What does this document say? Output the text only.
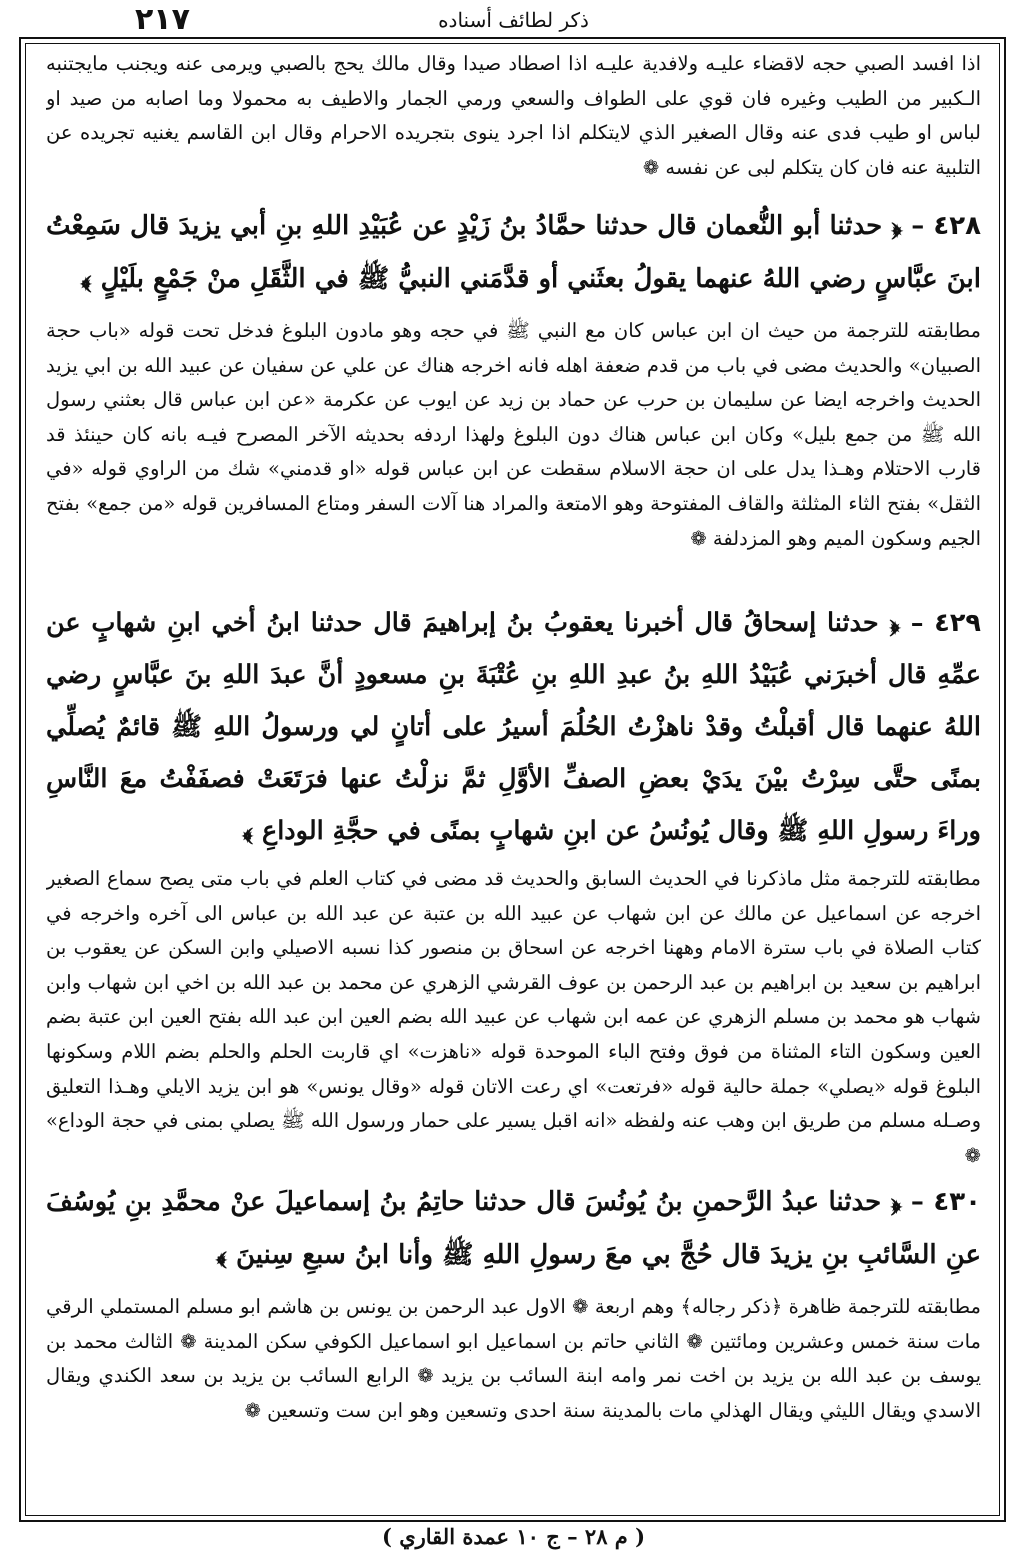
٢١٧	ذكر لطائف أسناده
اذا افسد الصبي حجه لاقضاء عليـه ولافدية عليـه اذا اصطاد صيدا وقال مالك يحج بالصبي ويرمى عنه ويجنب مايجتنبه الـكبير من الطيب وغيره فان قوي على الطواف والسعي ورمي الجمار والاطيف به محمولا وما اصابه من صيد او لباس او طيب فدى عنه وقال الصغير الذي لايتكلم اذا اجرد ينوى بتجريده الاحرام وقال ابن القاسم يغنيه تجريده عن التلبية عنه فان كان يتكلم لبى عن نفسه ❁
٤٢٨ – ﴿ حدثنا أبو النُّعمان قال حدثنا حمَّادُ بنُ زَيْدٍ عن عُبَيْدِ اللهِ بنِ أبي يزيدَ قال سَمِعْتُ ابنَ عبَّاسٍ رضي اللهُ عنهما يقولُ بعثَني أو قدَّمَني النبيُّ ﷺ في الثَّقَلِ منْ جَمْعٍ بلَيْلٍ ﴾
مطابقته للترجمة من حيث ان ابن عباس كان مع النبي ﷺ في حجه وهو مادون البلوغ فدخل تحت قوله «باب حجة الصبيان» والحديث مضى في باب من قدم ضعفة اهله فانه اخرجه هناك عن علي عن سفيان عن عبيد الله بن ابي يزيد الحديث واخرجه ايضا عن سليمان بن حرب عن حماد بن زيد عن ايوب عن عكرمة «عن ابن عباس قال بعثني رسول الله ﷺ من جمع بليل» وكان ابن عباس هناك دون البلوغ ولهذا اردفه بحديثه الآخر المصرح فيـه بانه كان حينئذ قد قارب الاحتلام وهـذا يدل على ان حجة الاسلام سقطت عن ابن عباس قوله «او قدمني» شك من الراوي قوله «في الثقل» بفتح الثاء المثلثة والقاف المفتوحة وهو الامتعة والمراد هنا آلات السفر ومتاع المسافرين قوله «من جمع» بفتح الجيم وسكون الميم وهو المزدلفة ❁
٤٢٩ – ﴿ حدثنا إسحاقُ قال أخبرنا يعقوبُ بنُ إبراهيمَ قال حدثنا ابنُ أخي ابنِ شهابٍ عن عمِّهِ قال أخبرَني عُبَيْدُ اللهِ بنُ عبدِ اللهِ بنِ عُتْبَةَ بنِ مسعودٍ أنَّ عبدَ اللهِ بنَ عبَّاسٍ رضي اللهُ عنهما قال أقبلْتُ وقدْ ناهزْتُ الحُلُمَ أسيرُ على أتانٍ لي ورسولُ اللهِ ﷺ قائمٌ يُصلِّي بمنًى حتَّى سِرْتُ بيْنَ يدَيْ بعضِ الصفِّ الأوَّلِ ثمَّ نزلْتُ عنها فرَتَعَتْ فصفَفْتُ معَ النَّاسِ وراءَ رسولِ اللهِ ﷺ وقال يُونُسُ عن ابنِ شهابٍ بمنًى في حجَّةِ الوداعِ ﴾
مطابقته للترجمة مثل ماذكرنا في الحديث السابق والحديث قد مضى في كتاب العلم في باب متى يصح سماع الصغير اخرجه عن اسماعيل عن مالك عن ابن شهاب عن عبيد الله بن عتبة عن عبد الله بن عباس الى آخره واخرجه في كتاب الصلاة في باب سترة الامام وههنا اخرجه عن اسحاق بن منصور كذا نسبه الاصيلي وابن السكن عن يعقوب بن ابراهيم بن سعيد بن ابراهيم بن عبد الرحمن بن عوف القرشي الزهري عن محمد بن عبد الله بن اخي ابن شهاب وابن شهاب هو محمد بن مسلم الزهري عن عمه ابن شهاب عن عبيد الله بضم العين ابن عبد الله بفتح العين ابن عتبة بضم العين وسكون التاء المثناة من فوق وفتح الباء الموحدة قوله «ناهزت» اي قاربت الحلم والحلم بضم اللام وسكونها البلوغ قوله «يصلي» جملة حالية قوله «فرتعت» اي رعت الاتان قوله «وقال يونس» هو ابن يزيد الايلي وهـذا التعليق وصـله مسلم من طريق ابن وهب عنه ولفظه «انه اقبل يسير على حمار ورسول الله ﷺ يصلي بمنى في حجة الوداع» ❁
٤٣٠ – ﴿ حدثنا عبدُ الرَّحمنِ بنُ يُونُسَ قال حدثنا حاتِمُ بنُ إسماعيلَ عنْ محمَّدِ بنِ يُوسُفَ عنِ السَّائبِ بنِ يزيدَ قال حُجَّ بي معَ رسولِ اللهِ ﷺ وأنا ابنُ سبعِ سِنينَ ﴾
مطابقته للترجمة ظاهرة ﴿ذكر رجاله﴾ وهم اربعة ❁ الاول عبد الرحمن بن يونس بن هاشم ابو مسلم المستملي الرقي مات سنة خمس وعشرين ومائتين ❁ الثاني حاتم بن اسماعيل ابو اسماعيل الكوفي سكن المدينة ❁ الثالث محمد بن يوسف بن عبد الله بن يزيد بن اخت نمر وامه ابنة السائب بن يزيد ❁ الرابع السائب بن يزيد بن سعد الكندي ويقال الاسدي ويقال الليثي ويقال الهذلي مات بالمدينة سنة احدى وتسعين وهو ابن ست وتسعين ❁
( م ٢٨ – ج ١٠ عمدة القاري )
